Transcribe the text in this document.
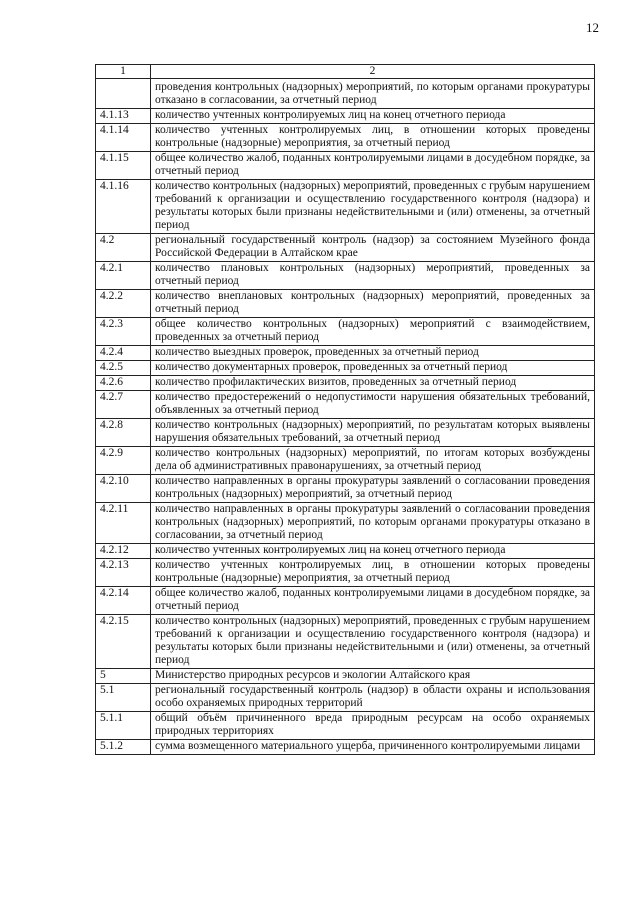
12
1	2
	проведения контрольных (надзорных) мероприятий, по которым органами прокуратуры отказано в согласовании, за отчетный период
4.1.13	количество учтенных контролируемых лиц на конец отчетного периода
4.1.14	количество учтенных контролируемых лиц, в отношении которых проведены контрольные (надзорные) мероприятия, за отчетный период
4.1.15	общее количество жалоб, поданных контролируемыми лицами в досудебном порядке, за отчетный период
4.1.16	количество контрольных (надзорных) мероприятий, проведенных с грубым нарушением требований к организации и осуществлению государственного контроля (надзора) и результаты которых были признаны недействительными и (или) отменены, за отчетный период
4.2	региональный государственный контроль (надзор) за состоянием Музейного фонда Российской Федерации в Алтайском крае
4.2.1	количество плановых контрольных (надзорных) мероприятий, проведенных за отчетный период
4.2.2	количество внеплановых контрольных (надзорных) мероприятий, проведенных за отчетный период
4.2.3	общее количество контрольных (надзорных) мероприятий с взаимодействием, проведенных за отчетный период
4.2.4	количество выездных проверок, проведенных за отчетный период
4.2.5	количество документарных проверок, проведенных за отчетный период
4.2.6	количество профилактических визитов, проведенных за отчетный период
4.2.7	количество предостережений о недопустимости нарушения обязательных требований, объявленных за отчетный период
4.2.8	количество контрольных (надзорных) мероприятий, по результатам которых выявлены нарушения обязательных требований, за отчетный период
4.2.9	количество контрольных (надзорных) мероприятий, по итогам которых возбуждены дела об административных правонарушениях, за отчетный период
4.2.10	количество направленных в органы прокуратуры заявлений о согласовании проведения контрольных (надзорных) мероприятий, за отчетный период
4.2.11	количество направленных в органы прокуратуры заявлений о согласовании проведения контрольных (надзорных) мероприятий, по которым органами прокуратуры отказано в согласовании, за отчетный период
4.2.12	количество учтенных контролируемых лиц на конец отчетного периода
4.2.13	количество учтенных контролируемых лиц, в отношении которых проведены контрольные (надзорные) мероприятия, за отчетный период
4.2.14	общее количество жалоб, поданных контролируемыми лицами в досудебном порядке, за отчетный период
4.2.15	количество контрольных (надзорных) мероприятий, проведенных с грубым нарушением требований к организации и осуществлению государственного контроля (надзора) и результаты которых были признаны недействительными и (или) отменены, за отчетный период
5	Министерство природных ресурсов и экологии Алтайского края
5.1	региональный государственный контроль (надзор) в области охраны и использования особо охраняемых природных территорий
5.1.1	общий объём причиненного вреда природным ресурсам на особо охраняемых природных территориях
5.1.2	сумма возмещенного материального ущерба, причиненного контролируемыми лицами
